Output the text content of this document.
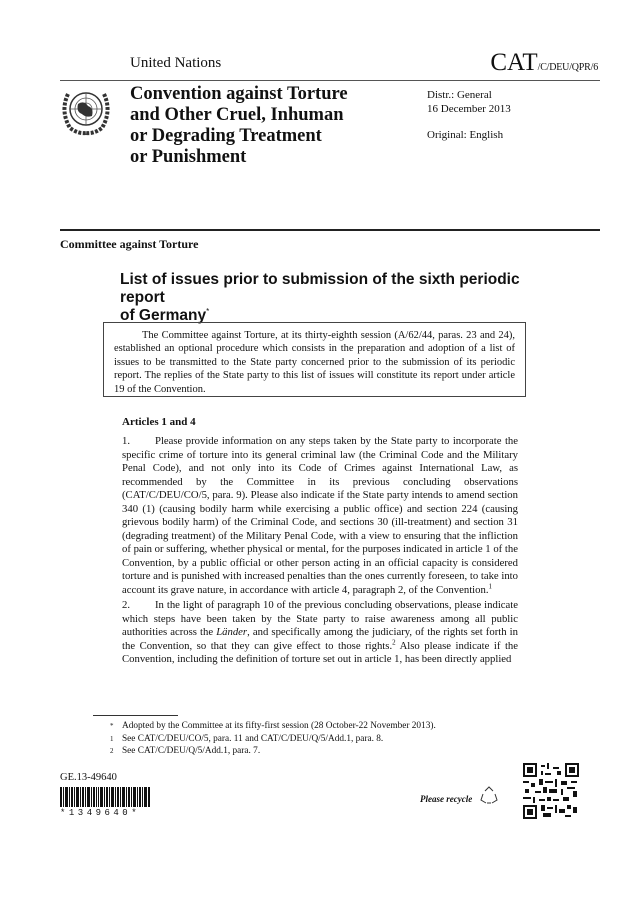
United Nations	CAT/C/DEU/QPR/6
Convention against Torture
and Other Cruel, Inhuman
or Degrading Treatment
or Punishment
Distr.: General
16 December 2013
Original: English
Committee against Torture
List of issues prior to submission of the sixth periodic report
of Germany*

The Committee against Torture, at its thirty-eighth session (A/62/44, paras. 23 and 24), established an optional procedure which consists in the preparation and adoption of a list of issues to be transmitted to the State party concerned prior to the submission of its periodic report. The replies of the State party to this list of issues will constitute its report under article 19 of the Convention.

Articles 1 and 4

1. Please provide information on any steps taken by the State party to incorporate the specific crime of torture into its general criminal law (the Criminal Code and the Military Penal Code), and not only into its Code of Crimes against International Law, as recommended by the Committee in its previous concluding observations (CAT/C/DEU/CO/5, para. 9). Please also indicate if the State party intends to amend section 340 (1) (causing bodily harm while exercising a public office) and section 224 (causing grievous bodily harm) of the Criminal Code, and sections 30 (ill-treatment) and section 31 (degrading treatment) of the Military Penal Code, with a view to ensuring that the infliction of pain or suffering, whether physical or mental, for the purposes indicated in article 1 of the Convention, by a public official or other person acting in an official capacity is considered torture and is punished with increased penalties than the ones currently foreseen, to take into account its grave nature, in accordance with article 4, paragraph 2, of the Convention.$^1$

2. In the light of paragraph 10 of the previous concluding observations, please indicate which steps have been taken by the State party to raise awareness among all public authorities across the Länder, and specifically among the judiciary, of the rights set forth in the Convention, so that they can give effect to those rights.$^2$ Also please indicate if the Convention, including the definition of torture set out in article 1, has been directly applied

* Adopted by the Committee at its fifty-first session (28 October-22 November 2013).
1 See CAT/C/DEU/CO/5, para. 11 and CAT/C/DEU/Q/5/Add.1, para. 8.
2 See CAT/C/DEU/Q/5/Add.1, para. 7.
GE.13-49640
*1349640*
Please recycle
